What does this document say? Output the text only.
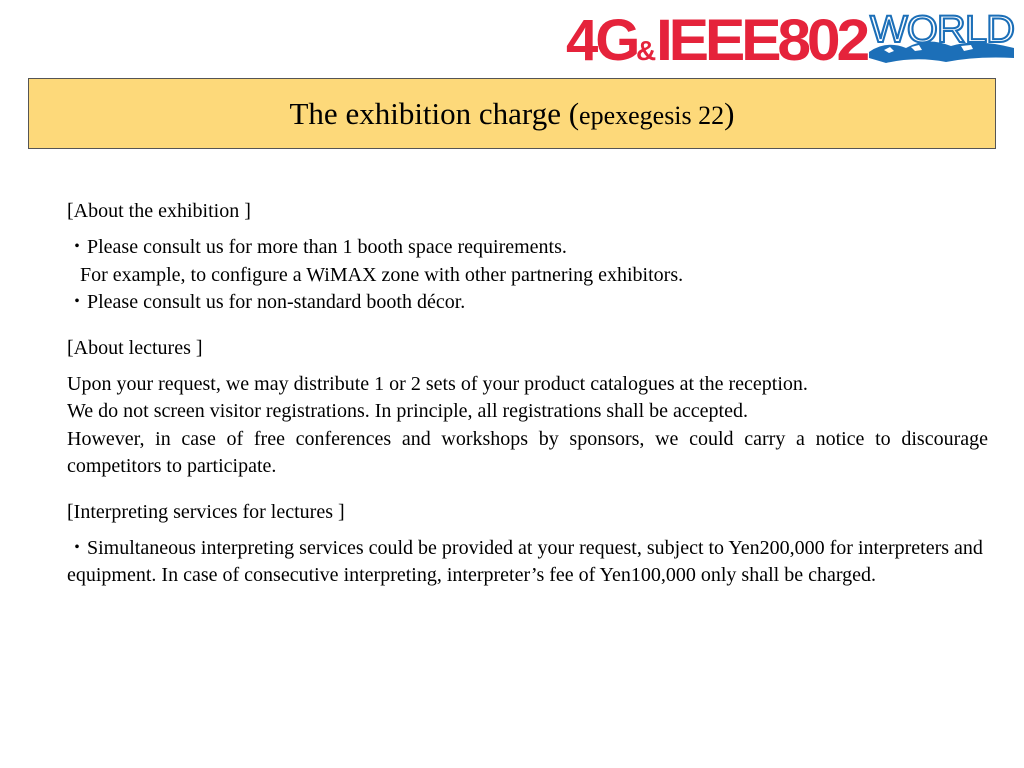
4G
& IEEE802 WORLD
The exhibition charge (epexegesis 22)

[About the exhibition ]

・Please consult us for more than 1 booth space requirements.

For example, to configure a WiMAX zone with other partnering exhibitors.

・Please consult us for non-standard booth décor.

[About lectures ]

Upon your request, we may distribute 1 or 2 sets of your product catalogues at the reception.

We do not screen visitor registrations. In principle, all registrations shall be accepted.

However, in case of free conferences and workshops by sponsors, we could carry a notice to discourage competitors to participate.

[Interpreting services for lectures ]

・Simultaneous interpreting services could be provided at your request, subject to Yen200,000 for interpreters and equipment. In case of consecutive interpreting, interpreter’s fee of Yen100,000 only shall be charged.
